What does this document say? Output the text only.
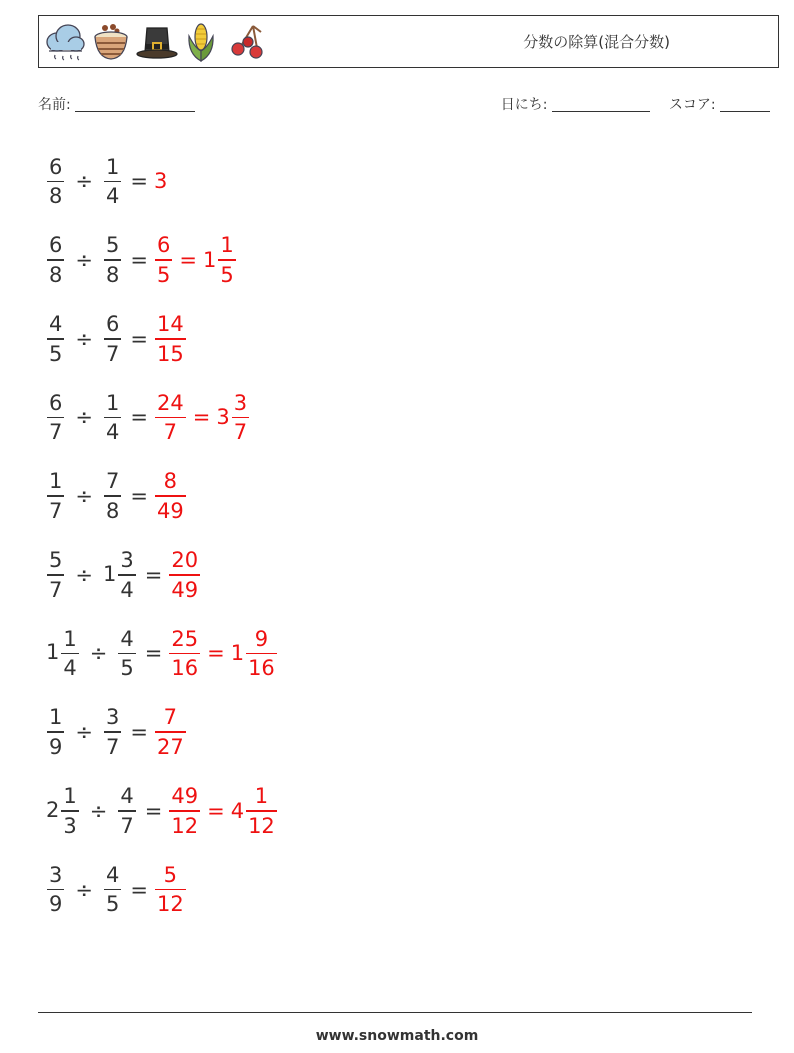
分数の除算(混合分数)
名前:	日にち:	スコア:
$\frac{6}{8} \div \frac{1}{4} = 3$
$\frac{6}{8} \div \frac{5}{8} = \frac{6}{5} = 1 \frac{1}{5}$
$\frac{4}{5} \div \frac{6}{7} = \frac{14}{15}$
$\frac{6}{7} \div \frac{1}{4} = \frac{24}{7} = 3 \frac{3}{7}$
$\frac{1}{7} \div \frac{7}{8} = \frac{8}{49}$
$\frac{5}{7} \div 1 \frac{3}{4} = \frac{20}{49}$
$1 \frac{1}{4} \div \frac{4}{5} = \frac{25}{16} = 1 \frac{9}{16}$
$\frac{1}{9} \div \frac{3}{7} = \frac{7}{27}$
$2 \frac{1}{3} \div \frac{4}{7} = \frac{49}{12} = 4 \frac{1}{12}$
$\frac{3}{9} \div \frac{4}{5} = \frac{5}{12}$
www.snowmath.com
